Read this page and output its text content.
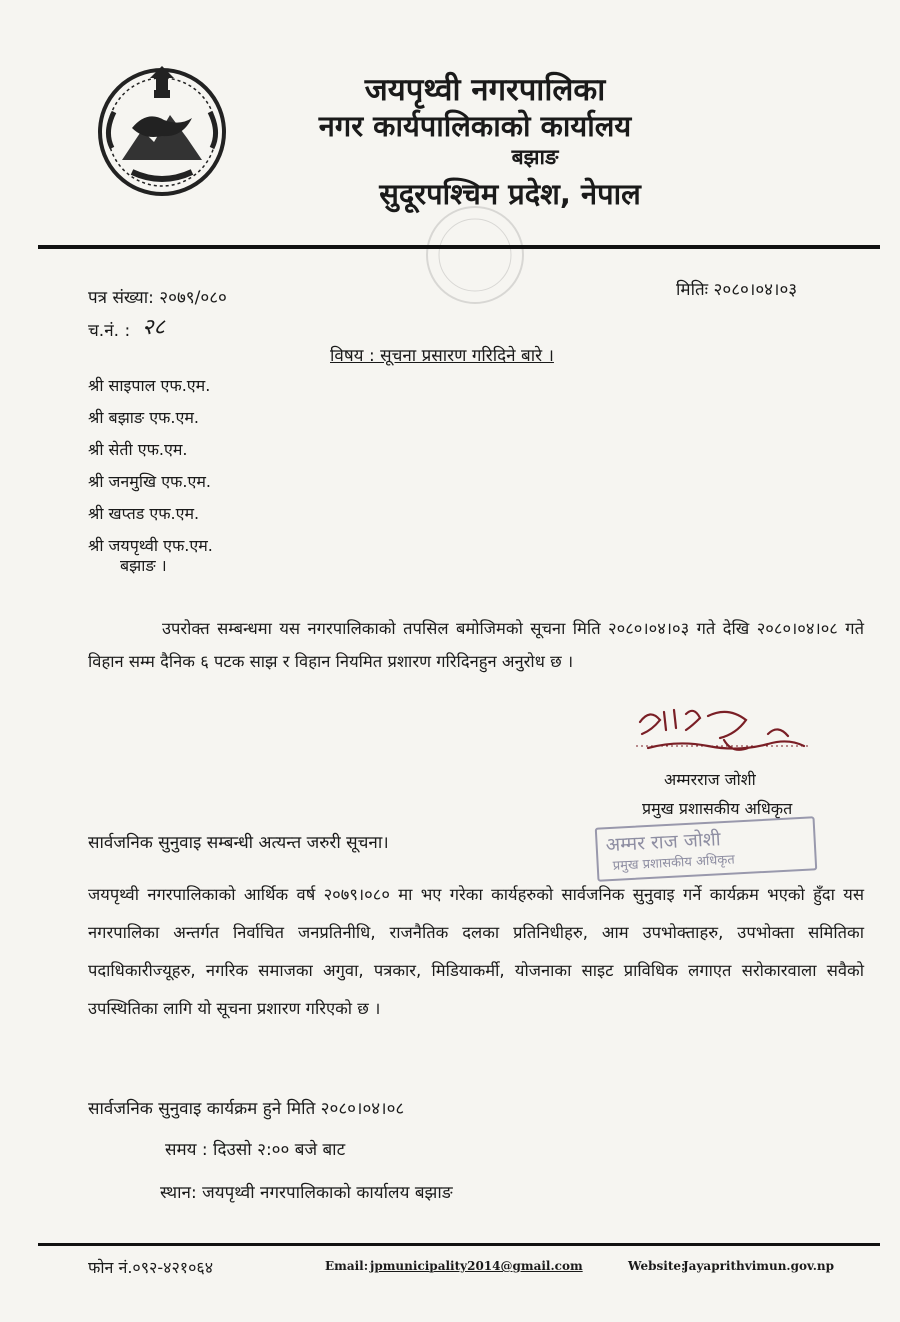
जयपृथ्वी नगरपालिका
नगर कार्यपालिकाको कार्यालय
बझाङ
सुदूरपश्चिम प्रदेश, नेपाल
पत्र संख्या: २०७९/०८०	मितिः २०८०।०४।०३
च.नं. : २८
विषय : सूचना प्रसारण गरिदिने बारे ।
श्री साइपाल एफ.एम.
श्री बझाङ एफ.एम.
श्री सेती एफ.एम.
श्री जनमुखि एफ.एम.
श्री खप्तड एफ.एम.
श्री जयपृथ्वी एफ.एम.
बझाङ ।
उपरोक्त सम्बन्धमा यस नगरपालिकाको तपसिल बमोजिमको सूचना मिति २०८०।०४।०३ गते देखि २०८०।०४।०८ गते विहान सम्म दैनिक ६ पटक साझ र विहान नियमित प्रशारण गरिदिनहुन अनुरोध छ ।
अम्मरराज जोशी
प्रमुख प्रशासकीय अधिकृत
अम्मर राज जोशी
प्रमुख प्रशासकीय अधिकृत
सार्वजनिक सुनुवाइ सम्बन्धी अत्यन्त जरुरी सूचना।
जयपृथ्वी नगरपालिकाको आर्थिक वर्ष २०७९।०८० मा भए गरेका कार्यहरुको सार्वजनिक सुनुवाइ गर्ने कार्यक्रम भएको हुँदा यस नगरपालिका अन्तर्गत निर्वाचित जनप्रतिनीधि, राजनैतिक दलका प्रतिनिधीहरु, आम उपभोक्ताहरु, उपभोक्ता समितिका पदाधिकारीज्यूहरु, नगरिक समाजका अगुवा, पत्रकार, मिडियाकर्मी, योजनाका साइट प्राविधिक लगाएत सरोकारवाला सवैको उपस्थितिका लागि यो सूचना प्रशारण गरिएको छ ।
सार्वजनिक सुनुवाइ कार्यक्रम हुने मिति २०८०।०४।०८
समय : दिउसो २:०० बजे बाट
स्थान: जयपृथ्वी नगरपालिकाको कार्यालय बझाङ
फोन नं.०९२-४२१०६४	Email: jpmunicipality2014@gmail.com	Website:
Jayaprithvimun.gov.np
